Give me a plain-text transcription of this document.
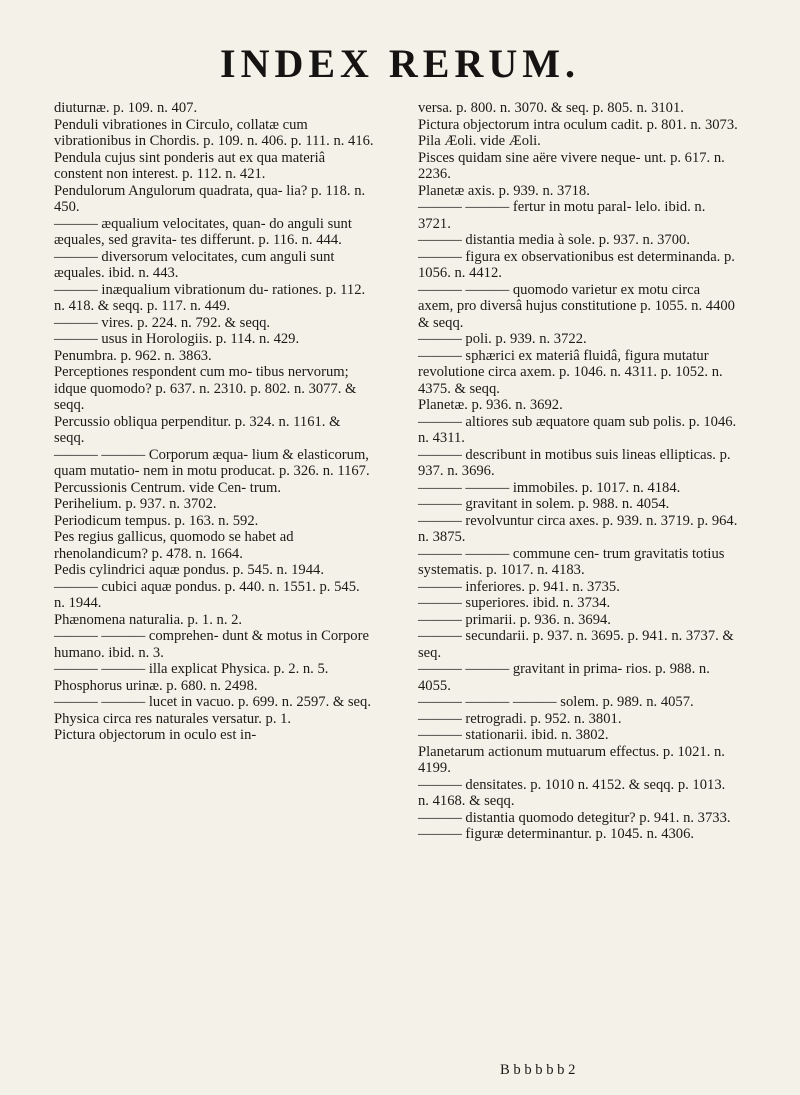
INDEX RERUM.

diuturnæ. p. 109. n. 407.

Penduli vibrationes in Circulo, collatæ cum vibrationibus in Chordis. p. 109. n. 406. p. 111. n. 416.

Pendula cujus sint ponderis aut ex qua materiâ constent non interest. p. 112. n. 421.

Pendulorum Angulorum quadrata, qua- lia? p. 118. n. 450.

——— æqualium velocitates, quan- do anguli sunt æquales, sed gravita- tes differunt. p. 116. n. 444.

——— diversorum velocitates, cum anguli sunt æquales. ibid. n. 443.

——— inæqualium vibrationum du- rationes. p. 112. n. 418. & seqq. p. 117. n. 449.

——— vires. p. 224. n. 792. & seqq.

——— usus in Horologiis. p. 114. n. 429.

Penumbra. p. 962. n. 3863.

Perceptiones respondent cum mo- tibus nervorum; idque quomodo? p. 637. n. 2310. p. 802. n. 3077. & seqq.

Percussio obliqua perpenditur. p. 324. n. 1161. & seqq.

——— ——— Corporum æqua- lium & elasticorum, quam mutatio- nem in motu producat. p. 326. n. 1167.

Percussionis Centrum. vide Cen- trum.

Perihelium. p. 937. n. 3702.

Periodicum tempus. p. 163. n. 592.

Pes regius gallicus, quomodo se habet ad rhenolandicum? p. 478. n. 1664.

Pedis cylindrici aquæ pondus. p. 545. n. 1944.

——— cubici aquæ pondus. p. 440. n. 1551. p. 545. n. 1944.

Phænomena naturalia. p. 1. n. 2.

——— ——— comprehen- dunt & motus in Corpore humano. ibid. n. 3.

——— ——— illa explicat Physica. p. 2. n. 5.

Phosphorus urinæ. p. 680. n. 2498.

——— ——— lucet in vacuo. p. 699. n. 2597. & seq.

Physica circa res naturales versatur. p. 1.

Pictura objectorum in oculo est in-

versa. p. 800. n. 3070. & seq. p. 805. n. 3101.

Pictura objectorum intra oculum cadit. p. 801. n. 3073.

Pila Æoli. vide Æoli.

Pisces quidam sine aëre vivere neque- unt. p. 617. n. 2236.

Planetæ axis. p. 939. n. 3718.

——— ——— fertur in motu paral- lelo. ibid. n. 3721.

——— distantia media à sole. p. 937. n. 3700.

——— figura ex observationibus est determinanda. p. 1056. n. 4412.

——— ——— quomodo varietur ex motu circa axem, pro diversâ hujus constitutione p. 1055. n. 4400 & seqq.

——— poli. p. 939. n. 3722.

——— sphærici ex materiâ fluidâ, figura mutatur revolutione circa axem. p. 1046. n. 4311. p. 1052. n. 4375. & seqq.

Planetæ. p. 936. n. 3692.

——— altiores sub æquatore quam sub polis. p. 1046. n. 4311.

——— describunt in motibus suis lineas ellipticas. p. 937. n. 3696.

——— ——— immobiles. p. 1017. n. 4184.

——— gravitant in solem. p. 988. n. 4054.

——— revolvuntur circa axes. p. 939. n. 3719. p. 964. n. 3875.

——— ——— commune cen- trum gravitatis totius systematis. p. 1017. n. 4183.

——— inferiores. p. 941. n. 3735.

——— superiores. ibid. n. 3734.

——— primarii. p. 936. n. 3694.

——— secundarii. p. 937. n. 3695. p. 941. n. 3737. & seq.

——— ——— gravitant in prima- rios. p. 988. n. 4055.

——— ——— ——— solem. p. 989. n. 4057.

——— retrogradi. p. 952. n. 3801.

——— stationarii. ibid. n. 3802.

Planetarum actionum mutuarum effectus. p. 1021. n. 4199.

——— densitates. p. 1010 n. 4152. & seqq. p. 1013. n. 4168. & seqq.

——— distantia quomodo detegitur? p. 941. n. 3733.

——— figuræ determinantur. p. 1045. n. 4306.

B b b b b b 2
